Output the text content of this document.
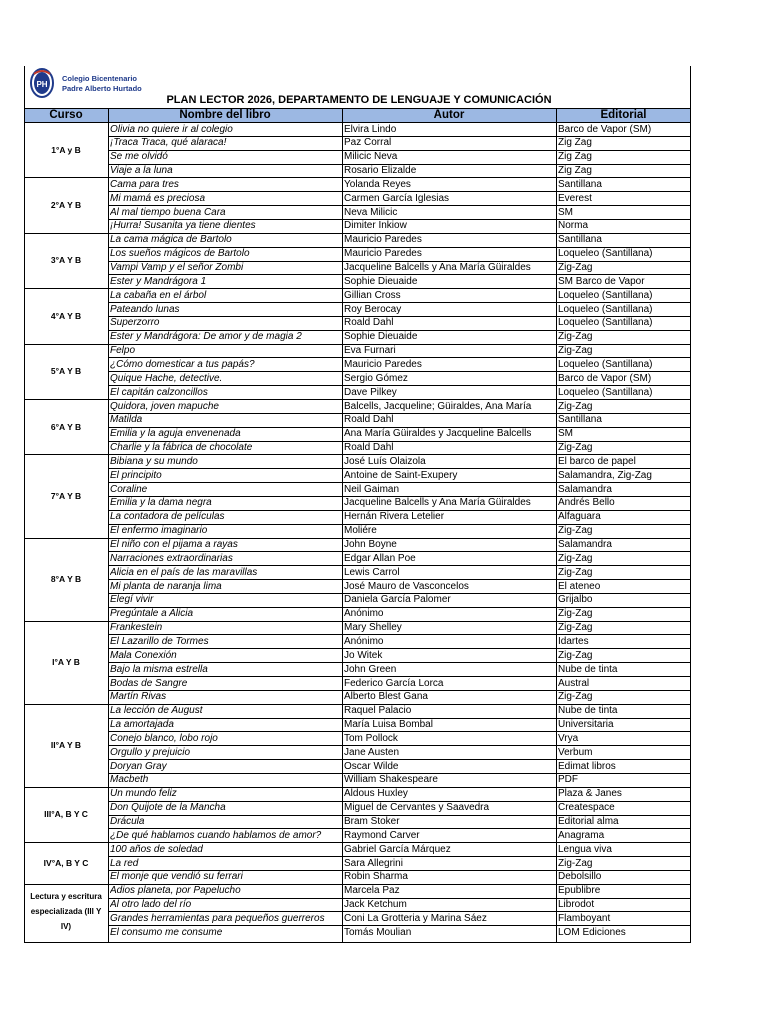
PH
Colegio Bicentenario
Padre Alberto Hurtado
PLAN LECTOR 2026, DEPARTAMENTO DE LENGUAJE Y COMUNICACIÓN
Curso	Nombre del libro	Autor	Editorial
1°A y B
Olivia no quiere ir al colegio	Elvira Lindo	Barco de Vapor (SM)
¡Traca Traca, qué alaraca!	Paz Corral	Zig Zag
Se me olvidó	Milicic Neva	Zig Zag
Viaje a la luna	Rosario Elizalde	Zig Zag
2°A Y B
Cama para tres	Yolanda Reyes	Santillana
Mi mamá es preciosa	Carmen García Iglesias	Everest
Al mal tiempo buena Cara	Neva Milicic	SM
¡Hurra! Susanita ya tiene dientes	Dimiter Inkiow	Norma
3°A Y B
La cama mágica de Bartolo	Mauricio Paredes	Santillana
Los sueños mágicos de Bartolo	Mauricio Paredes	Loqueleo (Santillana)
Vampi Vamp y el señor Zombi	Jacqueline Balcells y Ana María Güiraldes	Zig-Zag
Ester y Mandrágora 1	Sophie Dieuaide	SM Barco de Vapor
4°A Y B
La cabaña en el árbol	Gillian Cross	Loqueleo (Santillana)
Pateando lunas	Roy Berocay	Loqueleo (Santillana)
Superzorro	Roald Dahl	Loqueleo (Santillana)
Ester y Mandrágora: De amor y de magia 2	Sophie Dieuaide	Zig-Zag
5°A Y B
Felpo	Eva Furnari	Zig-Zag
¿Cómo domesticar a tus papás?	Mauricio Paredes	Loqueleo (Santillana)
Quique Hache, detective.	Sergio Gómez	Barco de Vapor (SM)
El capitán calzoncillos	Dave Pilkey	Loqueleo (Santillana)
6°A Y B
Quidora, joven mapuche	Balcells, Jacqueline; Güiraldes, Ana María	Zig-Zag
Matilda	Roald Dahl	Santillana
Emilia y la aguja envenenada	Ana María Güiraldes y Jacqueline Balcells	SM
Charlie y la fábrica de chocolate	Roald Dahl	Zig-Zag
7°A Y B
Bibiana y su mundo	José Luís Olaizola	El barco de papel
El principito	Antoine de Saint-Exupery	Salamandra, Zig-Zag
Coraline	Neil Gaiman	Salamandra
Emilia y la dama negra	Jacqueline Balcells y Ana María Güiraldes	Andrés Bello
La contadora de películas	Hernán Rivera Letelier	Alfaguara
El enfermo imaginario	Moliére	Zig-Zag
8°A Y B
El niño con el pijama a rayas	John Boyne	Salamandra
Narraciones extraordinarias	Edgar Allan Poe	Zig-Zag
Alicia en el país de las maravillas	Lewis Carrol	Zig-Zag
Mi planta de naranja lima	José Mauro de Vasconcelos	El ateneo
Elegí vivir	Daniela García Palomer	Grijalbo
Pregúntale a Alicia	Anónimo	Zig-Zag
I°A Y B
Frankestein	Mary Shelley	Zig-Zag
El Lazarillo de Tormes	Anónimo	Idartes
Mala Conexión	Jo Witek	Zig-Zag
Bajo la misma estrella	John Green	Nube de tinta
Bodas de Sangre	Federico García Lorca	Austral
Martín Rivas	Alberto Blest Gana	Zig-Zag
II°A Y B
La lección de August	Raquel Palacio	Nube de tinta
La amortajada	María Luisa Bombal	Universitaria
Conejo blanco, lobo rojo	Tom Pollock	Vrya
Orgullo y prejuicio	Jane Austen	Verbum
Doryan Gray	Oscar Wilde	Edimat libros
Macbeth	William Shakespeare	PDF
III°A, B Y C
Un mundo feliz	Aldous Huxley	Plaza & Janes
Don Quijote de la Mancha	Miguel de Cervantes y Saavedra	Createspace
Drácula	Bram Stoker	Editorial alma
¿De qué hablamos cuando hablamos de amor?	Raymond Carver	Anagrama
IV°A, B Y C
100 años de soledad	Gabriel García Márquez	Lengua viva
La red	Sara Allegrini	Zig-Zag
El monje que vendió su ferrari	Robin Sharma	Debolsillo
Lectura y escritura especializada (III Y IV)
Adios planeta, por Papelucho	Marcela Paz	Epublibre
Al otro lado del río	Jack Ketchum	Librodot
Grandes herramientas para pequeños guerreros	Coni La Grotteria y Marina Sáez	Flamboyant
El consumo me consume	Tomás Moulian	LOM Ediciones
